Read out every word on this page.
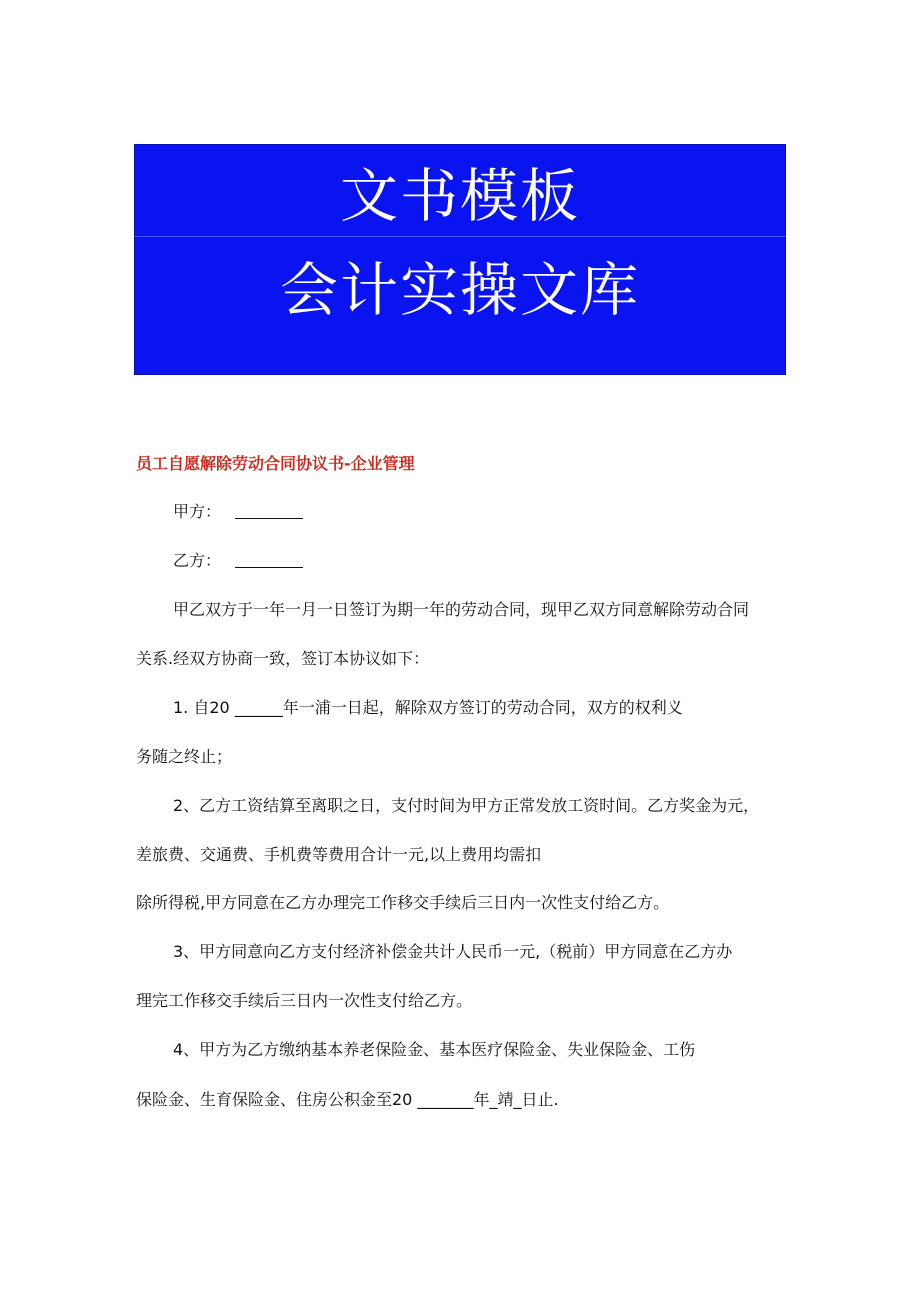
文书模板
会计实操文库
员工自愿解除劳动合同协议书-企业管理
甲方：
乙方：
甲乙双方于一年一月一日签订为期一年的劳动合同，现甲乙双方同意解除劳动合同
关系.经双方协商一致，签订本协议如下：
1. 自20 ______年一浦一日起，解除双方签订的劳动合同，双方的权利义
务随之终止；
2、乙方工资结算至离职之日，支付时间为甲方正常发放工资时间。乙方奖金为元，
差旅费、交通费、手机费等费用合计一元,以上费用均需扣
除所得税,甲方同意在乙方办理完工作移交手续后三日内一次性支付给乙方。
3、甲方同意向乙方支付经济补偿金共计人民币一元,（税前）甲方同意在乙方办
理完工作移交手续后三日内一次性支付给乙方。
4、甲方为乙方缴纳基本养老保险金、基本医疗保险金、失业保险金、工伤
保险金、生育保险金、住房公积金至20 _______年_靖_日止.
